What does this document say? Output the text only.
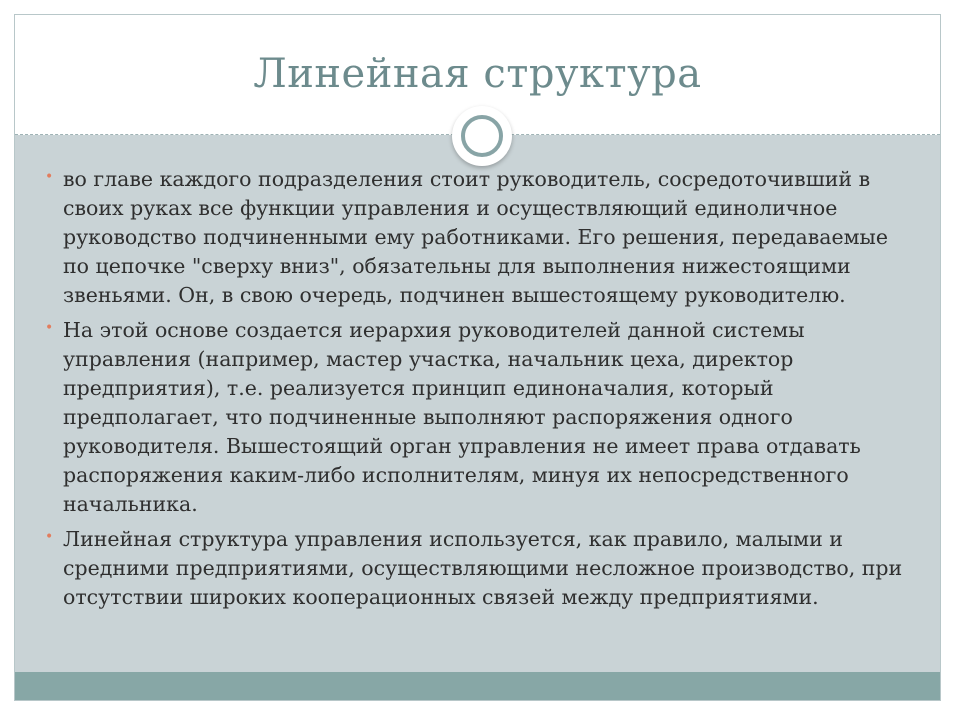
Линейная структура
• во главе каждого подразделения стоит руководитель, сосредоточивший в своих руках все функции управления и осуществляющий единоличное руководство подчиненными ему работниками. Его решения, передаваемые по цепочке "сверху вниз", обязательны для выполнения нижестоящими звеньями. Он, в свою очередь, подчинен вышестоящему руководителю.
• На этой основе создается иерархия руководителей данной системы управления (например, мастер участка, начальник цеха, директор предприятия), т.е. реализуется принцип единоначалия, который предполагает, что подчиненные выполняют распоряжения одного руководителя. Вышестоящий орган управления не имеет права отдавать распоряжения каким-либо исполнителям, минуя их непосредственного начальника.
• Линейная структура управления используется, как правило, малыми и средними предприятиями, осуществляющими несложное производство, при отсутствии широких кооперационных связей между предприятиями.
